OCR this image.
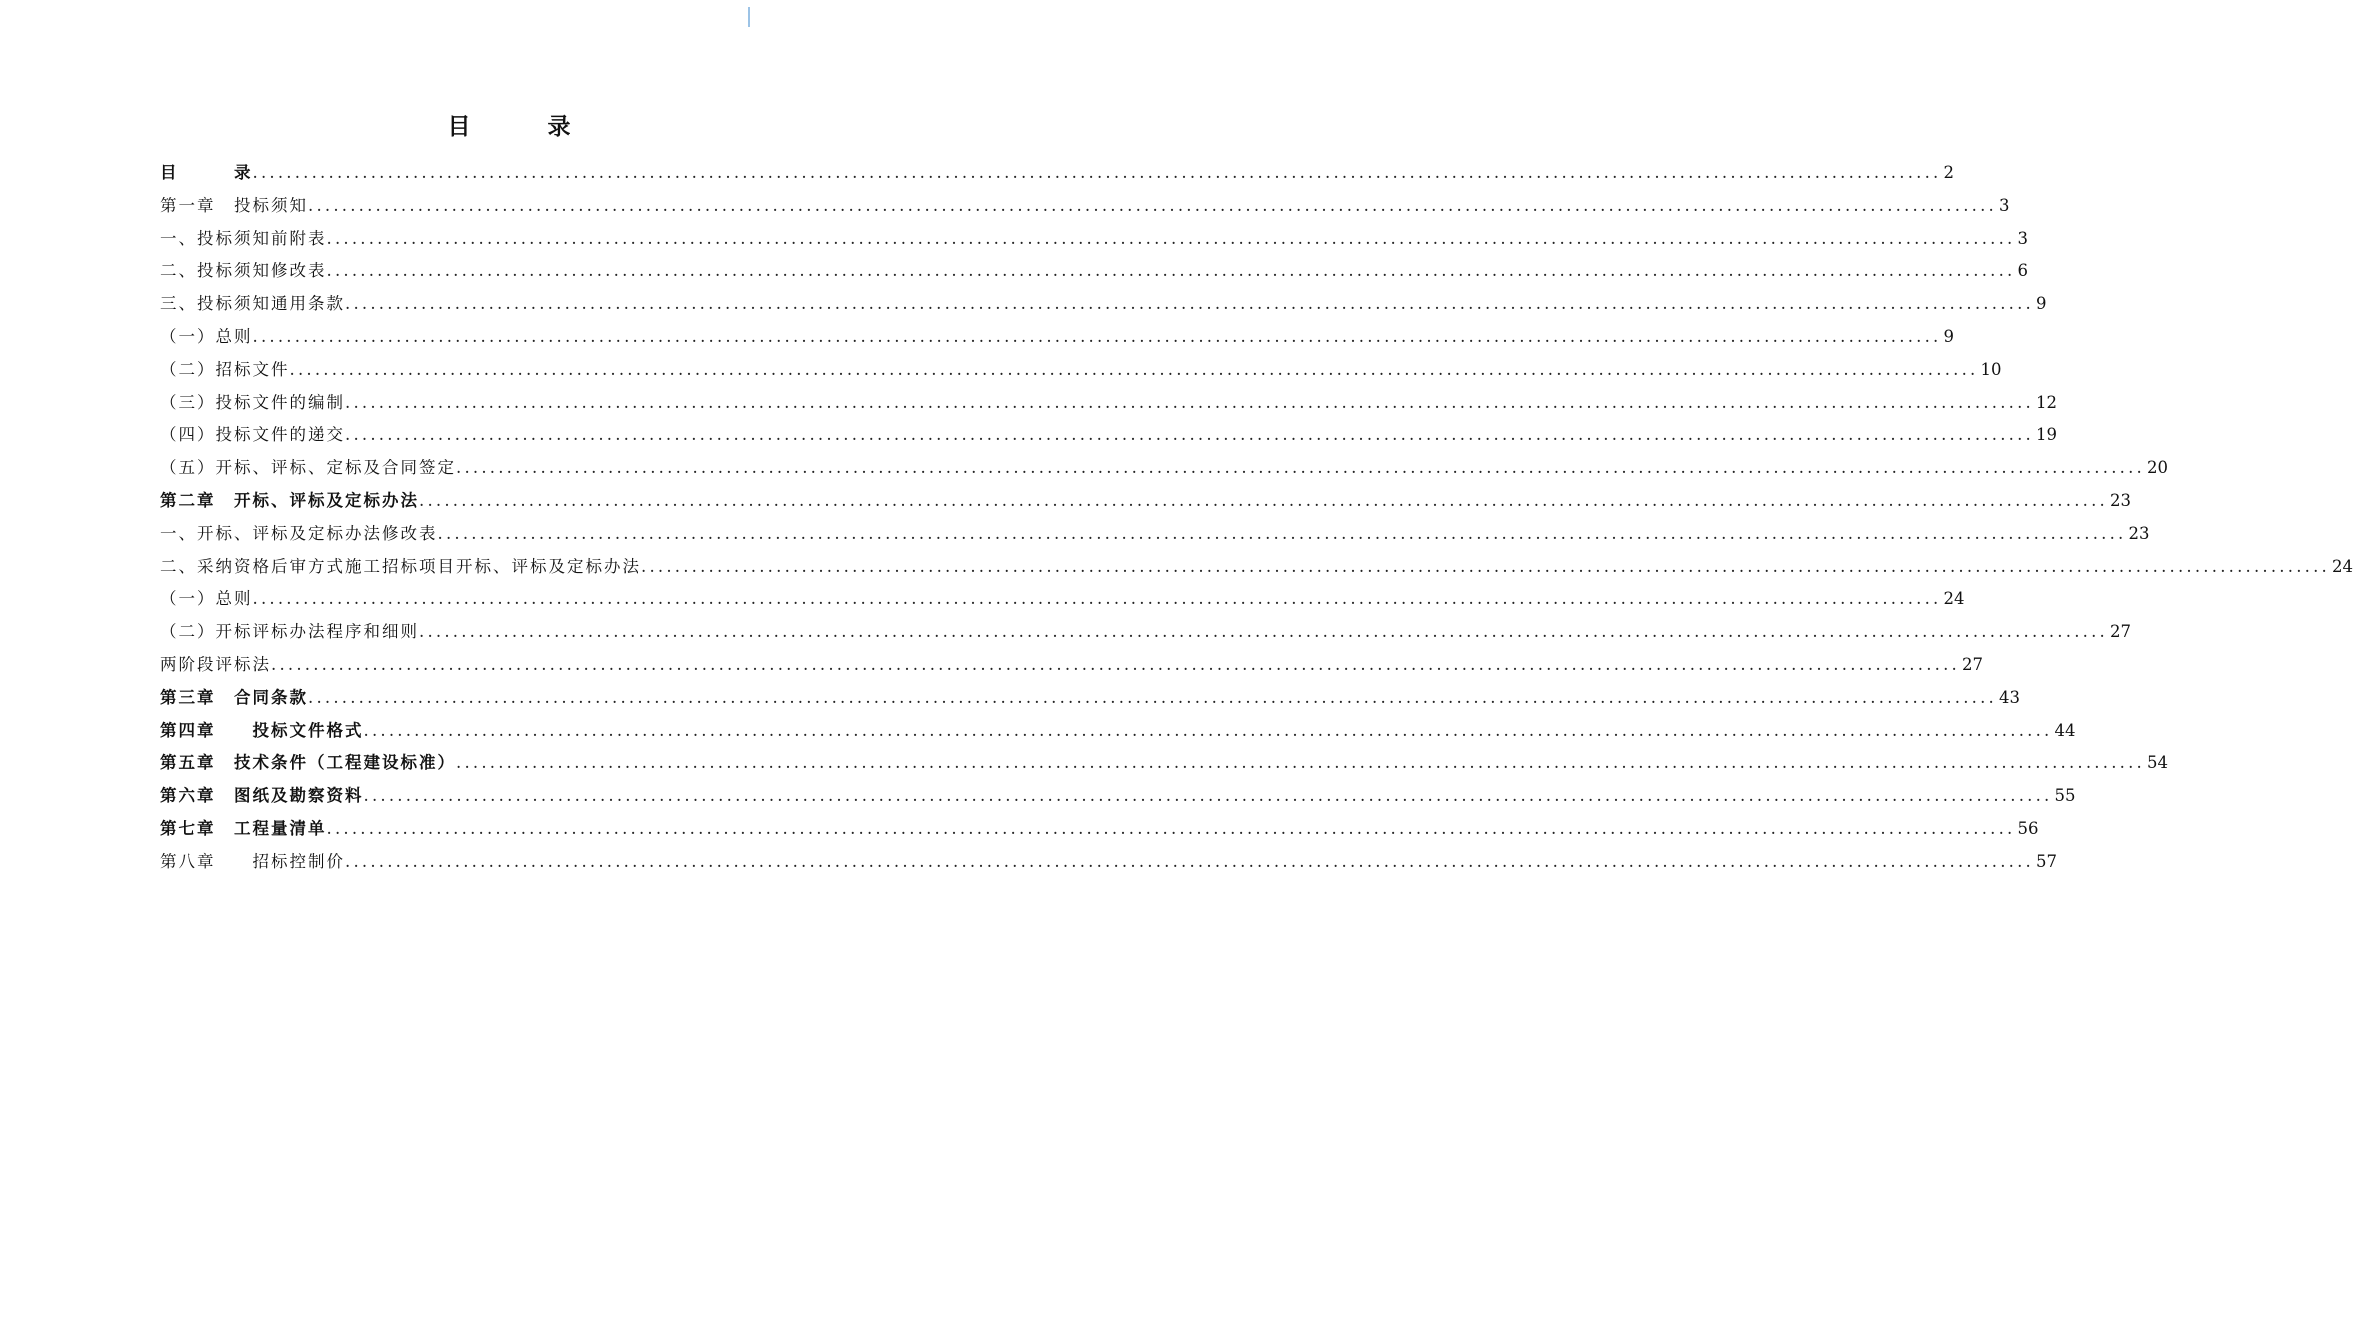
目　　　录
目　　　录 ........................................................................................................................................................................................................ 2
第一章　投标须知 ........................................................................................................................................................................................................ 3
一、投标须知前附表 ........................................................................................................................................................................................................ 3
二、投标须知修改表 ........................................................................................................................................................................................................ 6
三、投标须知通用条款 ........................................................................................................................................................................................................ 9
（一）总则 ........................................................................................................................................................................................................ 9
（二）招标文件 ........................................................................................................................................................................................................ 10
（三）投标文件的编制 ........................................................................................................................................................................................................ 12
（四）投标文件的递交 ........................................................................................................................................................................................................ 19
（五）开标、评标、定标及合同签定 ........................................................................................................................................................................................................ 20
第二章　开标、评标及定标办法 ........................................................................................................................................................................................................ 23
一、开标、评标及定标办法修改表 ........................................................................................................................................................................................................ 23
二、采纳资格后审方式施工招标项目开标、评标及定标办法 ........................................................................................................................................................................................................ 24
（一）总则 ........................................................................................................................................................................................................ 24
（二）开标评标办法程序和细则 ........................................................................................................................................................................................................ 27
两阶段评标法 ........................................................................................................................................................................................................ 27
第三章　合同条款 ........................................................................................................................................................................................................ 43
第四章　　投标文件格式 ........................................................................................................................................................................................................ 44
第五章　技术条件（工程建设标准） ........................................................................................................................................................................................................ 54
第六章　图纸及勘察资料 ........................................................................................................................................................................................................ 55
第七章　工程量清单 ........................................................................................................................................................................................................ 56
第八章　　招标控制价 ........................................................................................................................................................................................................ 57
